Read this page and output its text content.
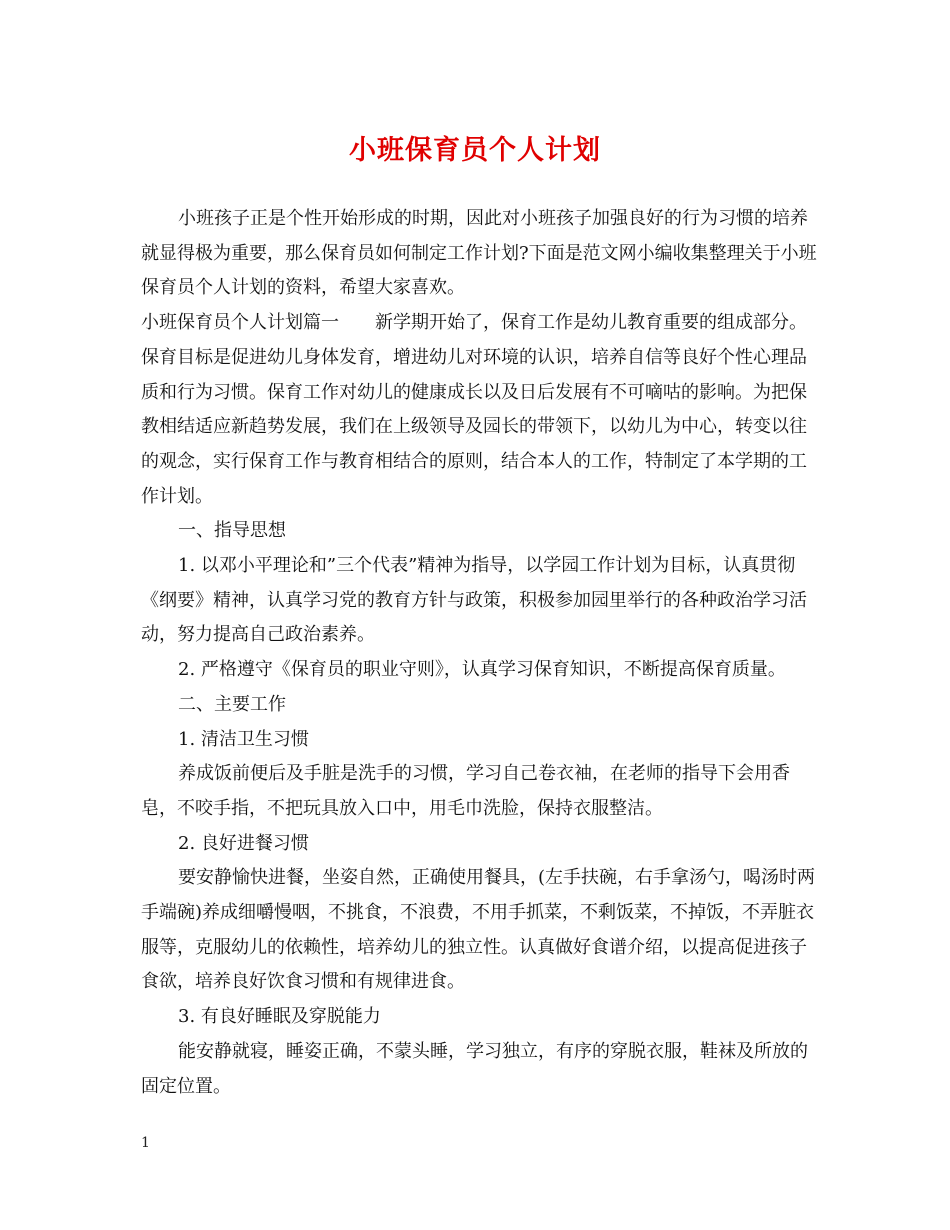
小班保育员个人计划

小班孩子正是个性开始形成的时期，因此对小班孩子加强良好的行为习惯的培养就显得极为重要，那么保育员如何制定工作计划?下面是范文网小编收集整理关于小班保育员个人计划的资料，希望大家喜欢。

小班保育员个人计划篇一　　新学期开始了，保育工作是幼儿教育重要的组成部分。保育目标是促进幼儿身体发育，增进幼儿对环境的认识，培养自信等良好个性心理品质和行为习惯。保育工作对幼儿的健康成长以及日后发展有不可嘀咕的影响。为把保教相结适应新趋势发展，我们在上级领导及园长的带领下，以幼儿为中心，转变以往的观念，实行保育工作与教育相结合的原则，结合本人的工作，特制定了本学期的工作计划。

一、指导思想

1. 以邓小平理论和”三个代表”精神为指导，以学园工作计划为目标，认真贯彻《纲要》精神，认真学习党的教育方针与政策，积极参加园里举行的各种政治学习活动，努力提高自己政治素养。

2. 严格遵守《保育员的职业守则》，认真学习保育知识，不断提高保育质量。

二、主要工作

1. 清洁卫生习惯

养成饭前便后及手脏是洗手的习惯，学习自己卷衣袖，在老师的指导下会用香皂，不咬手指，不把玩具放入口中，用毛巾洗脸，保持衣服整洁。

2. 良好进餐习惯

要安静愉快进餐，坐姿自然，正确使用餐具，(左手扶碗，右手拿汤勺，喝汤时两手端碗)养成细嚼慢咽，不挑食，不浪费，不用手抓菜，不剩饭菜，不掉饭，不弄脏衣服等，克服幼儿的依赖性，培养幼儿的独立性。认真做好食谱介绍，以提高促进孩子食欲，培养良好饮食习惯和有规律进食。

3. 有良好睡眠及穿脱能力

能安静就寝，睡姿正确，不蒙头睡，学习独立，有序的穿脱衣服，鞋袜及所放的固定位置。

1
